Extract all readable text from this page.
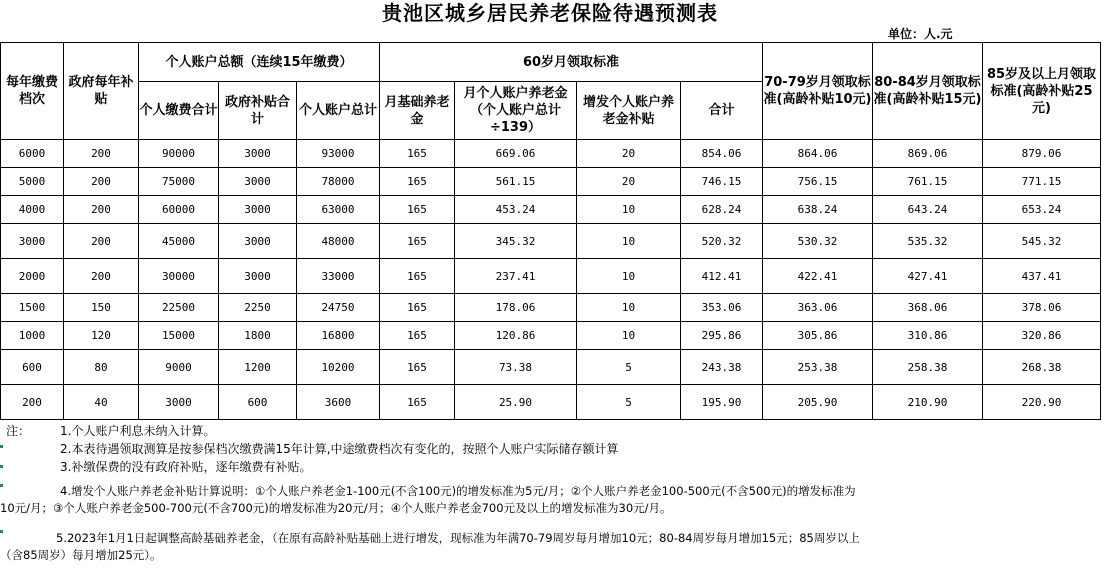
贵池区城乡居民养老保险待遇预测表
单位：人.元
每年缴费档次	政府每年补贴	个人账户总额（连续15年缴费）			60岁月领取标准				70-79岁月领取标准(高龄补贴10元)	80-84岁月领取标准(高龄补贴15元)	85岁及以上月领取标准(高龄补贴25元)
		个人缴费合计	政府补贴合计	个人账户总计	月基础养老金	月个人账户养老金（个人账户总计÷139）	增发个人账户养老金补贴	合计			
6000	200	90000	3000	93000	165	669.06	20	854.06	864.06	869.06	879.06
5000	200	75000	3000	78000	165	561.15	20	746.15	756.15	761.15	771.15
4000	200	60000	3000	63000	165	453.24	10	628.24	638.24	643.24	653.24
3000	200	45000	3000	48000	165	345.32	10	520.32	530.32	535.32	545.32
2000	200	30000	3000	33000	165	237.41	10	412.41	422.41	427.41	437.41
1500	150	22500	2250	24750	165	178.06	10	353.06	363.06	368.06	378.06
1000	120	15000	1800	16800	165	120.86	10	295.86	305.86	310.86	320.86
600	80	9000	1200	10200	165	73.38	5	243.38	253.38	258.38	268.38
200	40	3000	600	3600	165	25.90	5	195.90	205.90	210.90	220.90
注： 1.个人账户利息未纳入计算。
2.本表待遇领取测算是按参保档次缴费满15年计算,中途缴费档次有变化的，按照个人账户实际储存额计算
3.补缴保费的没有政府补贴，逐年缴费有补贴。
4.增发个人账户养老金补贴计算说明：①个人账户养老金1-100元(不含100元)的增发标准为5元/月；②个人账户养老金100-500元(不含500元)的增发标准为
10元/月；③个人账户养老金500-700元(不含700元)的增发标准为20元/月；④个人账户养老金700元及以上的增发标准为30元/月。
5.2023年1月1日起调整高龄基础养老金，（在原有高龄补贴基础上进行增发，现标准为年满70-79周岁每月增加10元；80-84周岁每月增加15元；85周岁以上
（含85周岁）每月增加25元）。
